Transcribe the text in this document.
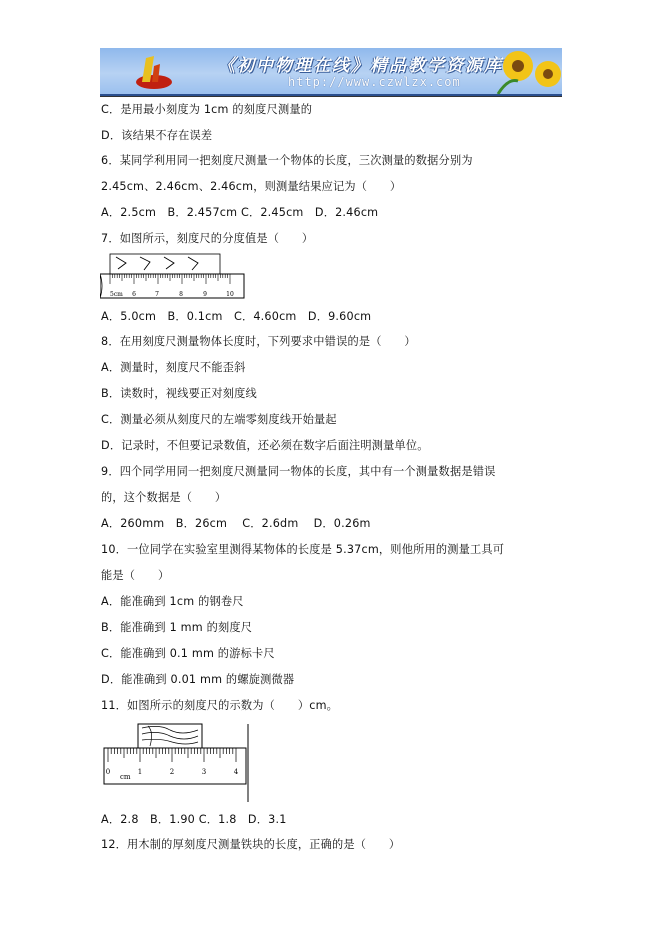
《初中物理在线》精品教学资源库
http://www.czwlzx.com
C．是用最小刻度为 1cm 的刻度尺测量的
D．该结果不存在误差
6．某同学利用同一把刻度尺测量一个物体的长度，三次测量的数据分别为
2.45cm、2.46cm、2.46cm，则测量结果应记为（　　）
A．2.5cm　B．2.457cm C．2.45cm　D．2.46cm
7．如图所示，刻度尺的分度值是（　　）
5cm 6	7	8	9	10
A．5.0cm　B．0.1cm　C．4.60cm　D．9.60cm
8．在用刻度尺测量物体长度时，下列要求中错误的是（　　）
A．测量时，刻度尺不能歪斜
B．读数时，视线要正对刻度线
C．测量必须从刻度尺的左端零刻度线开始量起
D．记录时，不但要记录数值，还必须在数字后面注明测量单位。
9．四个同学用同一把刻度尺测量同一物体的长度，其中有一个测量数据是错误
的，这个数据是（　　）
A．260mm　B．26cm　 C．2.6dm　 D．0.26m
10．一位同学在实验室里测得某物体的长度是 5.37cm，则他所用的测量工具可
能是（　　）
A．能准确到 1cm 的钢卷尺
B．能准确到 1 mm 的刻度尺
C．能准确到 0.1 mm 的游标卡尺
D．能准确到 0.01 mm 的螺旋测微器
11．如图所示的刻度尺的示数为（　　）cm。
cm
0	1	2	3	4
A．2.8　B．1.90 C．1.8　D．3.1
12．用木制的厚刻度尺测量铁块的长度，正确的是（　　）
